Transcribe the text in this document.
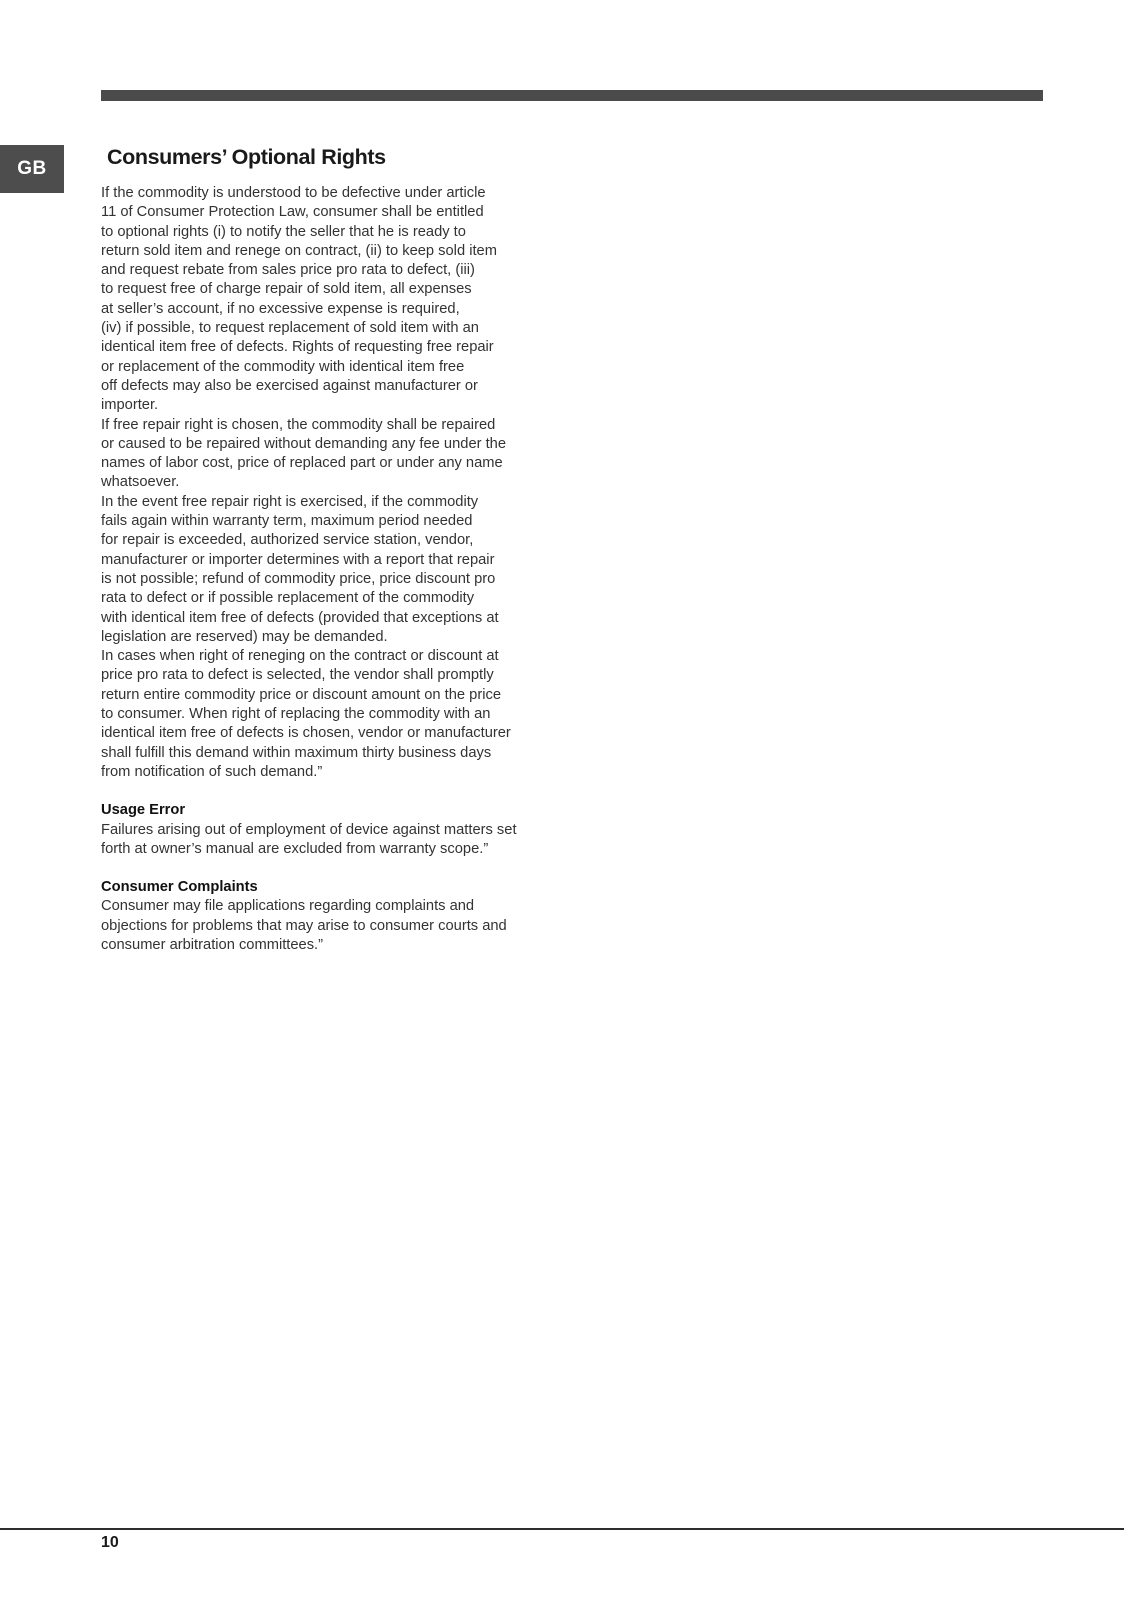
GB	Consumers’ Optional Rights
If the commodity is understood to be defective under article
11 of Consumer Protection Law, consumer shall be entitled
to optional rights (i) to notify the seller that he is ready to
return sold item and renege on contract, (ii) to keep sold item
and request rebate from sales price pro rata to defect, (iii)
to request free of charge repair of sold item, all expenses
at seller’s account, if no excessive expense is required,
(iv) if possible, to request replacement of sold item with an
identical item free of defects. Rights of requesting free repair
or replacement of the commodity with identical item free
off defects may also be exercised against manufacturer or
importer.
If free repair right is chosen, the commodity shall be repaired
or caused to be repaired without demanding any fee under the
names of labor cost, price of replaced part or under any name
whatsoever.
In the event free repair right is exercised, if the commodity
fails again within warranty term, maximum period needed
for repair is exceeded, authorized service station, vendor,
manufacturer or importer determines with a report that repair
is not possible; refund of commodity price, price discount pro
rata to defect or if possible replacement of the commodity
with identical item free of defects (provided that exceptions at
legislation are reserved) may be demanded.
In cases when right of reneging on the contract or discount at
price pro rata to defect is selected, the vendor shall promptly
return entire commodity price or discount amount on the price
to consumer. When right of replacing the commodity with an
identical item free of defects is chosen, vendor or manufacturer
shall fulfill this demand within maximum thirty business days
from notification of such demand.”
Usage Error
Failures arising out of employment of device against matters set
forth at owner’s manual are excluded from warranty scope.”
Consumer Complaints
Consumer may file applications regarding complaints and
objections for problems that may arise to consumer courts and
consumer arbitration committees.”
10
